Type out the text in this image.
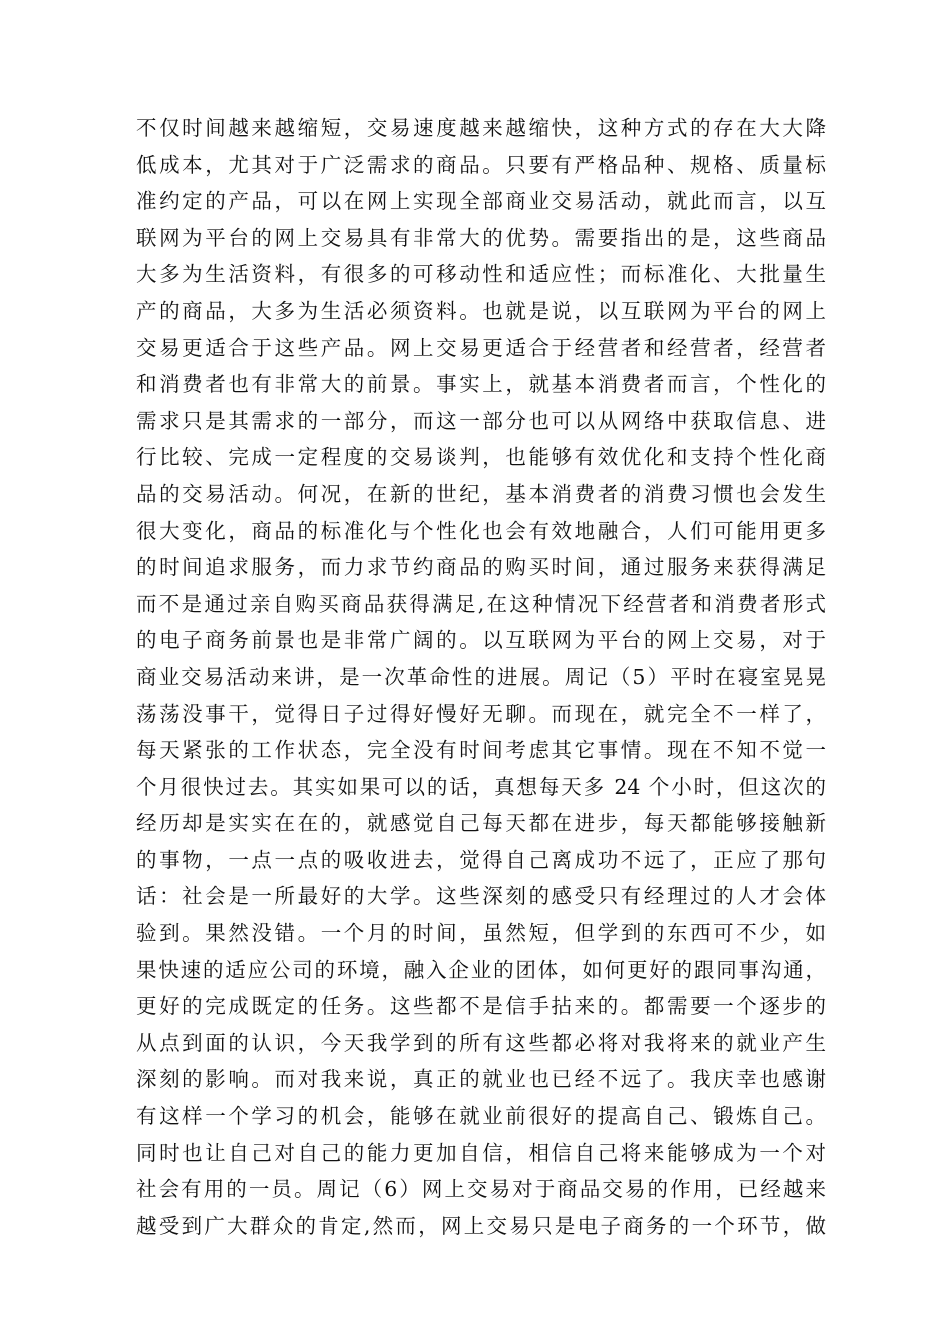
不仅时间越来越缩短，交易速度越来越缩快，这种方式的存在大大降
低成本，尤其对于广泛需求的商品。只要有严格品种、规格、质量标
准约定的产品，可以在网上实现全部商业交易活动，就此而言，以互
联网为平台的网上交易具有非常大的优势。需要指出的是，这些商品
大多为生活资料，有很多的可移动性和适应性；而标准化、大批量生
产的商品，大多为生活必须资料。也就是说，以互联网为平台的网上
交易更适合于这些产品。网上交易更适合于经营者和经营者，经营者
和消费者也有非常大的前景。事实上，就基本消费者而言，个性化的
需求只是其需求的一部分，而这一部分也可以从网络中获取信息、进
行比较、完成一定程度的交易谈判，也能够有效优化和支持个性化商
品的交易活动。何况，在新的世纪，基本消费者的消费习惯也会发生
很大变化，商品的标准化与个性化也会有效地融合，人们可能用更多
的时间追求服务，而力求节约商品的购买时间，通过服务来获得满足
而不是通过亲自购买商品获得满足,在这种情况下经营者和消费者形式
的电子商务前景也是非常广阔的。以互联网为平台的网上交易，对于
商业交易活动来讲，是一次革命性的进展。周记（5）平时在寝室晃晃
荡荡没事干，觉得日子过得好慢好无聊。而现在，就完全不一样了，
每天紧张的工作状态，完全没有时间考虑其它事情。现在不知不觉一
个月很快过去。其实如果可以的话，真想每天多 24 个小时，但这次的
经历却是实实在在的，就感觉自己每天都在进步，每天都能够接触新
的事物，一点一点的吸收进去，觉得自己离成功不远了，正应了那句
话：社会是一所最好的大学。这些深刻的感受只有经理过的人才会体
验到。果然没错。一个月的时间，虽然短，但学到的东西可不少，如
果快速的适应公司的环境，融入企业的团体，如何更好的跟同事沟通，
更好的完成既定的任务。这些都不是信手拈来的。都需要一个逐步的
从点到面的认识，今天我学到的所有这些都必将对我将来的就业产生
深刻的影响。而对我来说，真正的就业也已经不远了。我庆幸也感谢
有这样一个学习的机会，能够在就业前很好的提高自己、锻炼自己。
同时也让自己对自己的能力更加自信，相信自己将来能够成为一个对
社会有用的一员。周记（6）网上交易对于商品交易的作用，已经越来
越受到广大群众的肯定,然而，网上交易只是电子商务的一个环节，做
